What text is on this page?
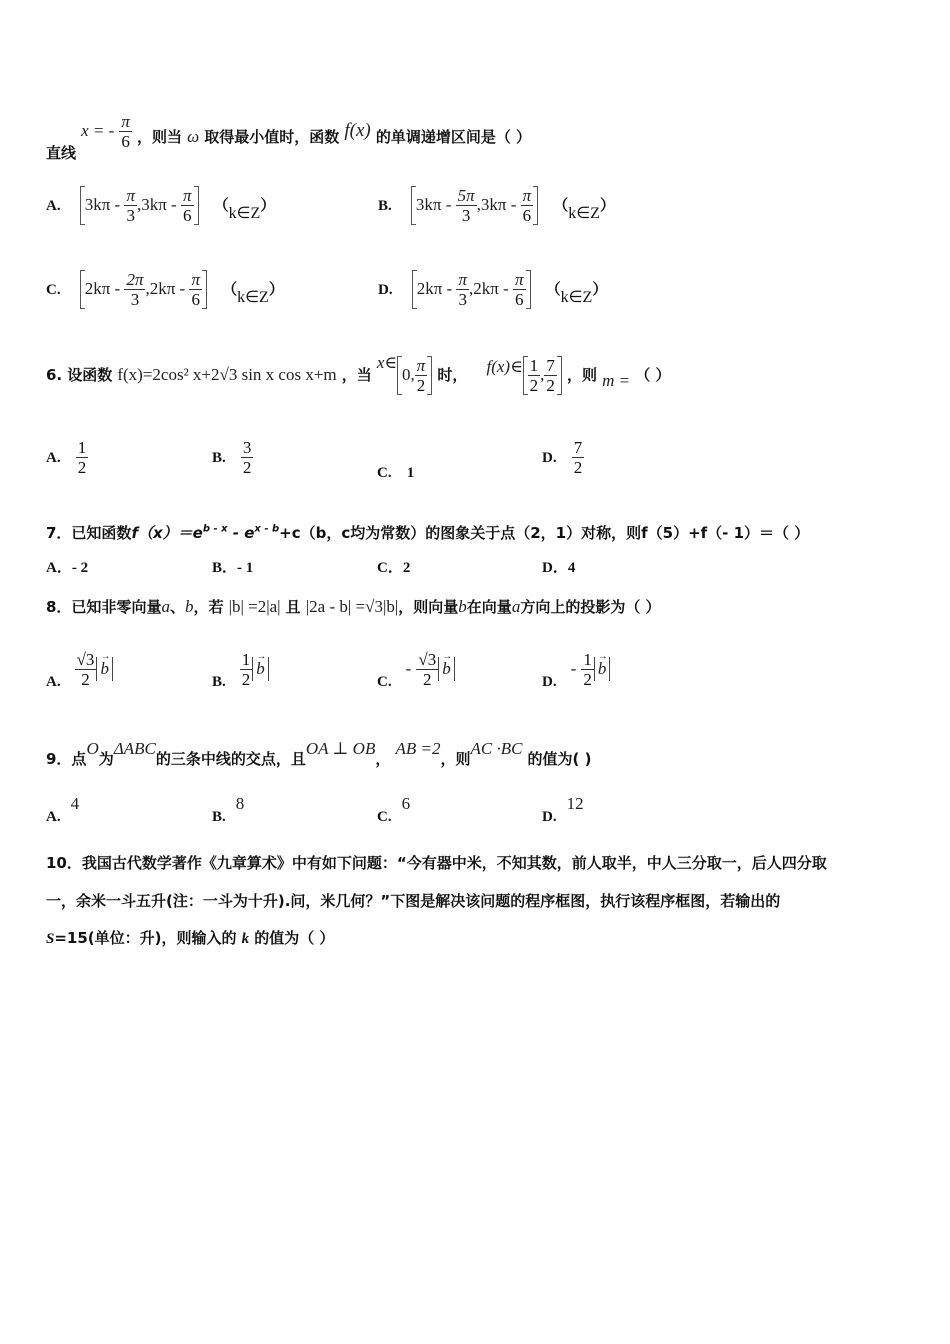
直线 x = - $\frac{\pi}{6}$ ，则当 ω 取得最小值时，函数 f(x) 的单调递增区间是（ ）
A. $3k\pi - \frac{\pi}{3} ,3k\pi - \frac{\pi}{6}$ （k∈Z）	B. $3k\pi - \frac{5\pi}{3} ,3k\pi - \frac{\pi}{6}$ （k∈Z）
C. $2k\pi - \frac{2\pi}{3} ,2k\pi - \frac{\pi}{6}$ （k∈Z）	D. $2k\pi - \frac{\pi}{3} ,2k\pi - \frac{\pi}{6}$ （k∈Z）
6. 设函数 f(x)=2cos² x+2√3 sin x cos x+m ，当 x∈0, $\frac{\pi}{2}$ 时， f(x)∈ $\frac{1}{2}$ , $\frac{7}{2}$ ，则 m = （ ）
A. $\frac{1}{2}$	B. $\frac{3}{2}$	C. 1
D. $\frac{7}{2}$
7．已知函数$f(x)=e^{b - x} - e^{x - b}+c(b$，c均为常数）的图象关于点（2，1）对称，则f（5）+f（- 1）＝（ ）
A．- 2	B．- 1	C．2	D．4
8．已知非零向量a、b，若 |b| =2|a| 且 |2a - b| =√3|b|，则向量b在向量a方向上的投影为（ ）
A. $\frac{√3}{2}$ b →
B. $\frac{1}{2}$ b →
$C.- \frac{√3}{2}$ b →
$D.- \frac{1}{2}$ b →
9．点O为ΔABC的三条中线的交点，且OA ⊥ OB， AB =2，则AC ·BC 的值为( )
A.4
B.8
C.6
D.12
10．我国古代数学著作《九章算术》中有如下问题：“今有器中米，不知其数，前人取半，中人三分取一，后人四分取
一，余米一斗五升(注：一斗为十升).问，米几何？”下图是解决该问题的程序框图，执行该程序框图，若输出的
S=15(单位：升)，则输入的 k 的值为（ ）
